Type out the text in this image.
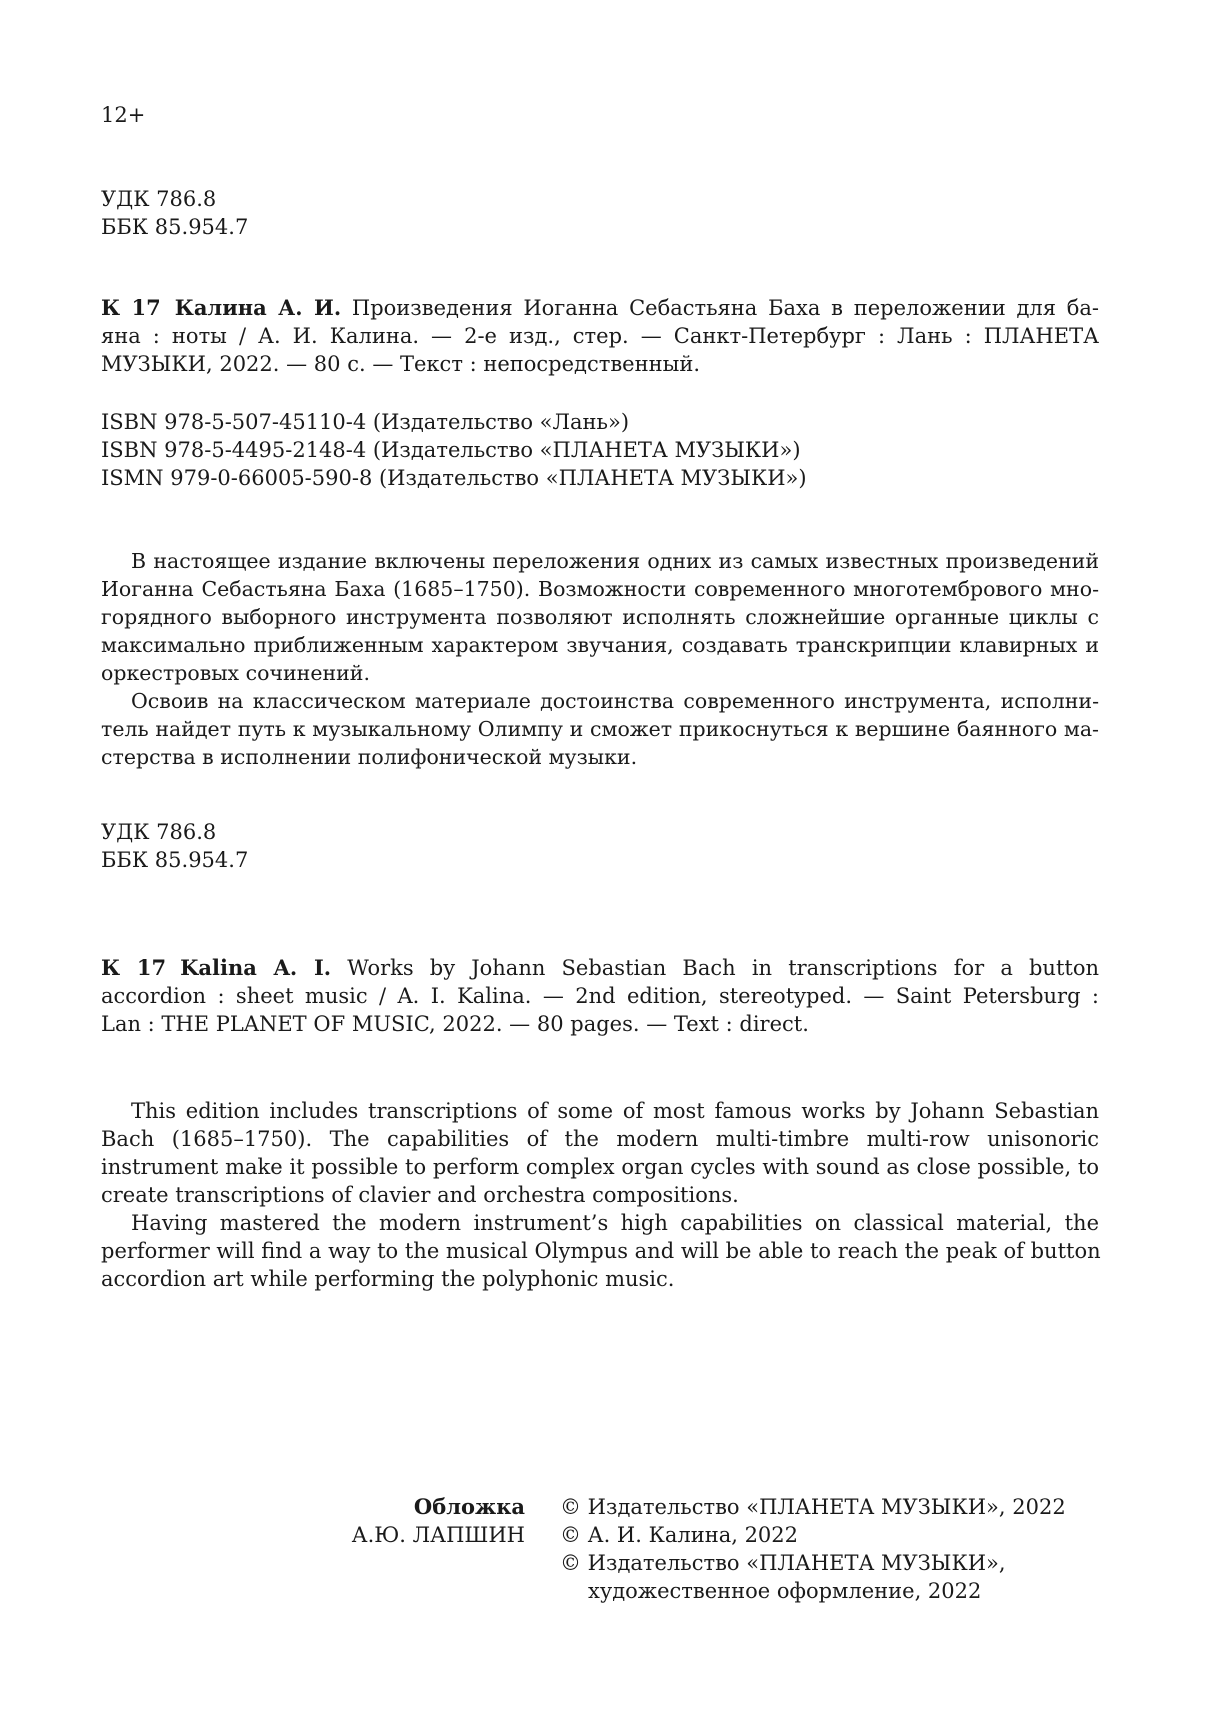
12+
УДК 786.8
ББК 85.954.7
К 17 Калина А. И. Произведения Иоганна Себастьяна Баха в переложении для ба-
яна : ноты / А. И. Калина. — 2-е изд., стер. — Санкт-Петербург : Лань : ПЛАНЕТА
МУЗЫКИ, 2022. — 80 с. — Текст : непосредственный.
ISBN 978-5-507-45110-4 (Издательство «Лань»)
ISBN 978-5-4495-2148-4 (Издательство «ПЛАНЕТА МУЗЫКИ»)
ISMN 979-0-66005-590-8 (Издательство «ПЛАНЕТА МУЗЫКИ»)
В настоящее издание включены переложения одних из самых известных произведений
Иоганна Себастьяна Баха (1685–1750). Возможности современного многотембрового мно-
горядного выборного инструмента позволяют исполнять сложнейшие органные циклы с
максимально приближенным характером звучания, создавать транскрипции клавирных и
оркестровых сочинений.
Освоив на классическом материале достоинства современного инструмента, исполни-
тель найдет путь к музыкальному Олимпу и сможет прикоснуться к вершине баянного ма-
стерства в исполнении полифонической музыки.
УДК 786.8
ББК 85.954.7
К 17 Kalina A. I. Works by Johann Sebastian Bach in transcriptions for a button
accordion : sheet music / A. I. Kalina. — 2nd edition, stereotyped. — Saint Petersburg :
Lan : THE PLANET OF MUSIC, 2022. — 80 pages. — Text : direct.
This edition includes transcriptions of some of most famous works by Johann Sebastian
Bach (1685–1750). The capabilities of the modern multi-timbre multi-row unisonoric
instrument make it possible to perform complex organ cycles with sound as close possible, to
create transcriptions of clavier and orchestra compositions.
Having mastered the modern instrument’s high capabilities on classical material, the
performer will find a way to the musical Olympus and will be able to reach the peak of button
accordion art while performing the polyphonic music.
Обложка
А.Ю. ЛАПШИН
© Издательство «ПЛАНЕТА МУЗЫКИ», 2022
© А. И. Калина, 2022
© Издательство «ПЛАНЕТА МУЗЫКИ»,
художественное оформление, 2022
